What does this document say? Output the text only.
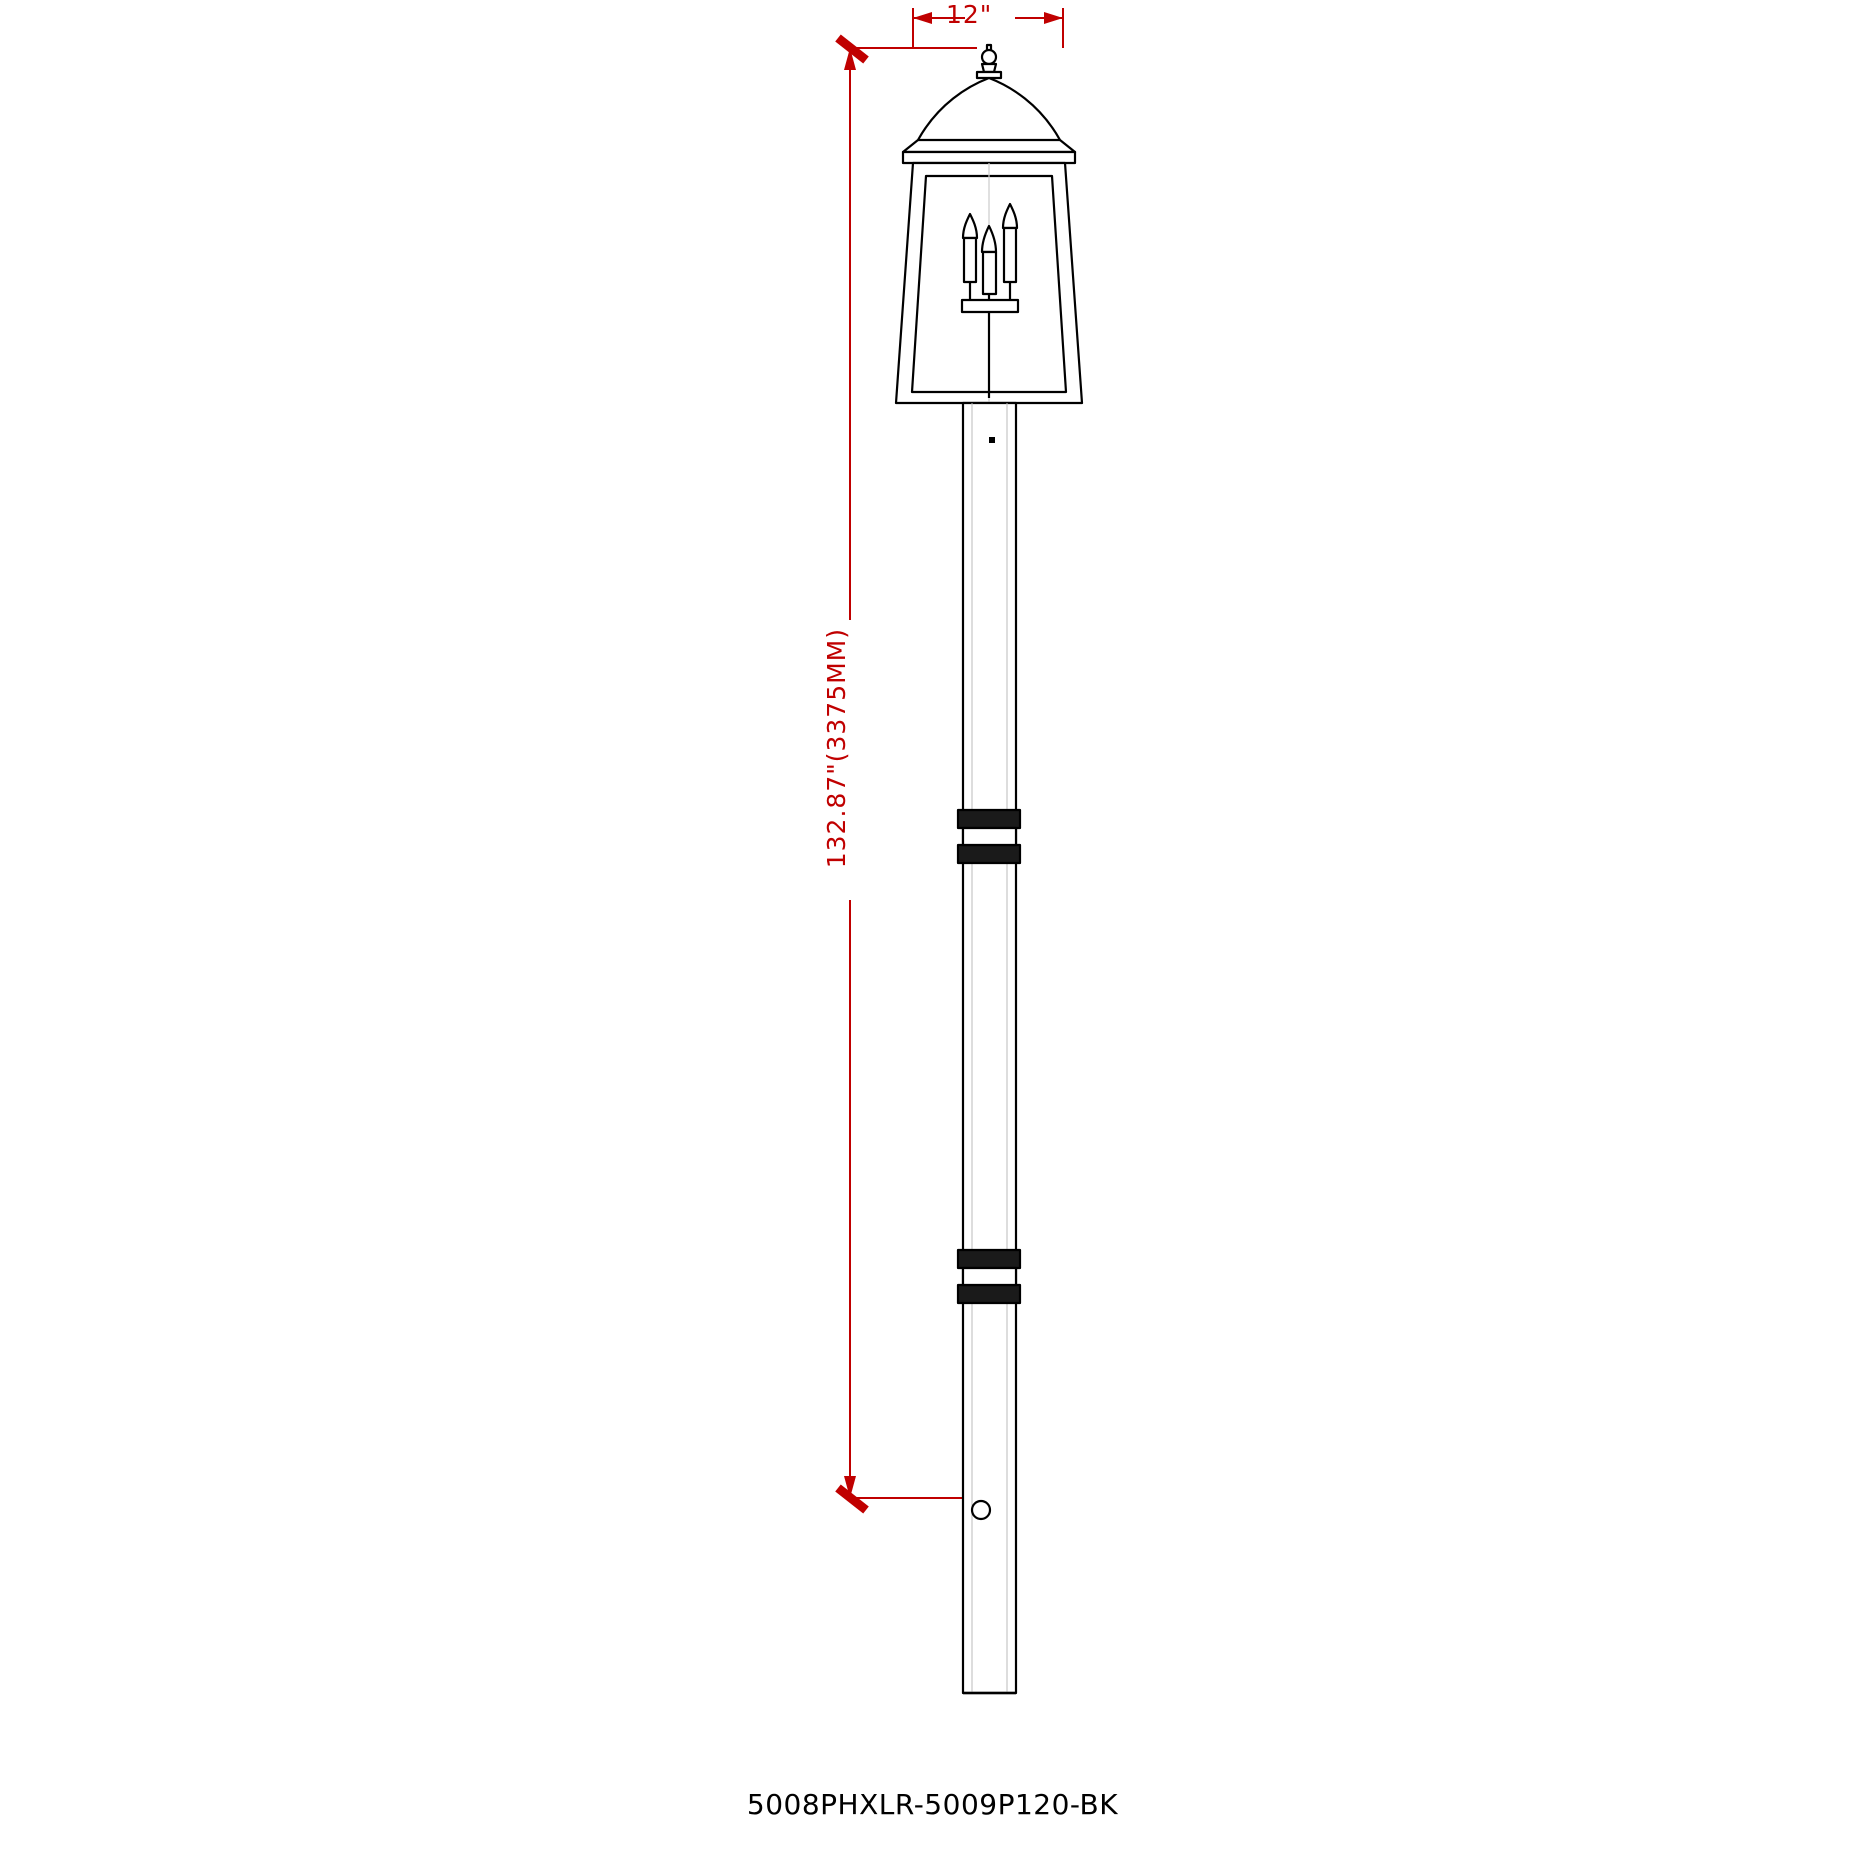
12"
132.87"(3375MM)
5008PHXLR-5009P120-BK
